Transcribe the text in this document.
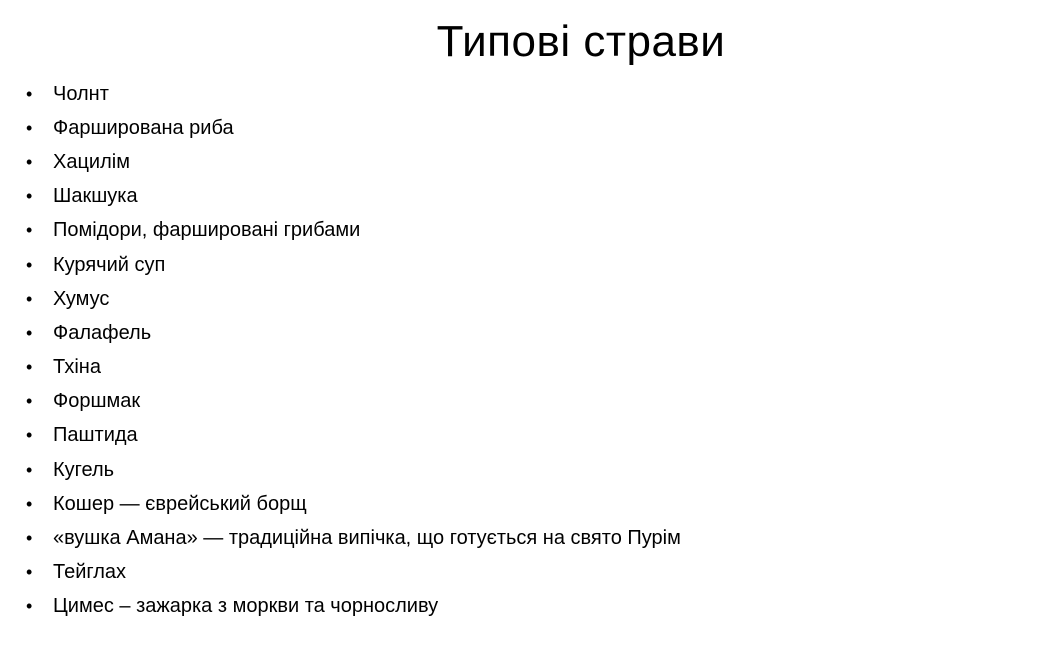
Типові страви
•	Чолнт
•	Фарширована риба
•	Хацилім
•	Шакшука
•	Помідори, фаршировані грибами
•	Курячий суп
•	Хумус
•	Фалафель
•	Тхіна
•	Форшмак
•	Паштида
•	Кугель
•	Кошер — єврейський борщ
•	«вушка Амана» — традиційна випічка, що готується на свято Пурім
•	Тейглах
•	Цимес – зажарка з моркви та чорносливу
